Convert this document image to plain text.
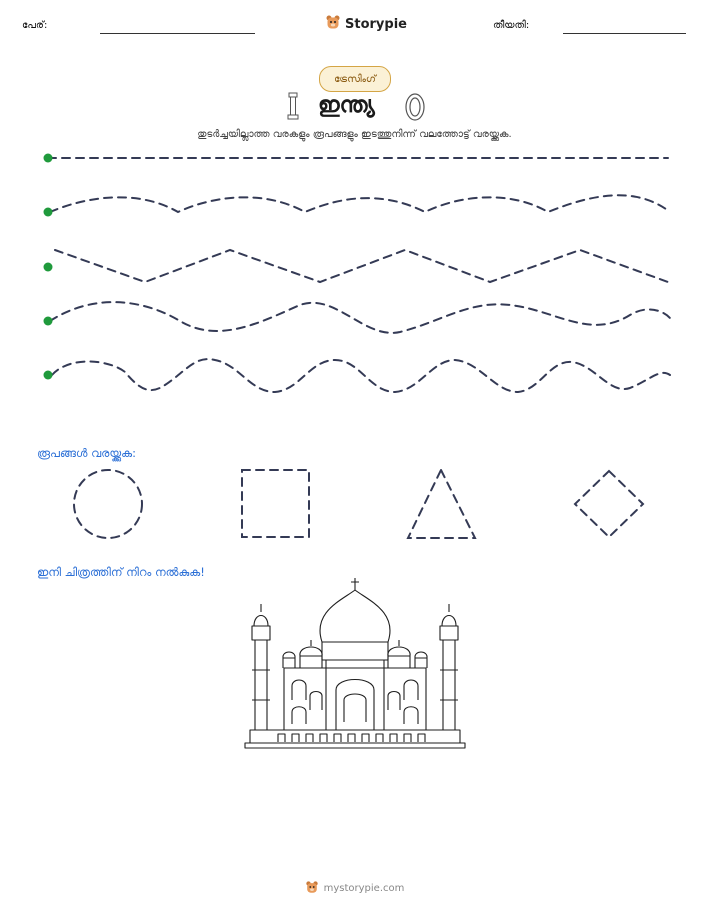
പേര്:	Storypie	തീയതി:
ട്രേസിംഗ്
ഇന്ത്യ
തുടർച്ചയില്ലാത്ത വരകളും രൂപങ്ങളും ഇടത്തുനിന്ന് വലത്തോട്ട് വരയ്ക്കുക.
രൂപങ്ങൾ വരയ്ക്കുക:
ഇനി ചിത്രത്തിന് നിറം നൽകുക!
mystorypie.com
